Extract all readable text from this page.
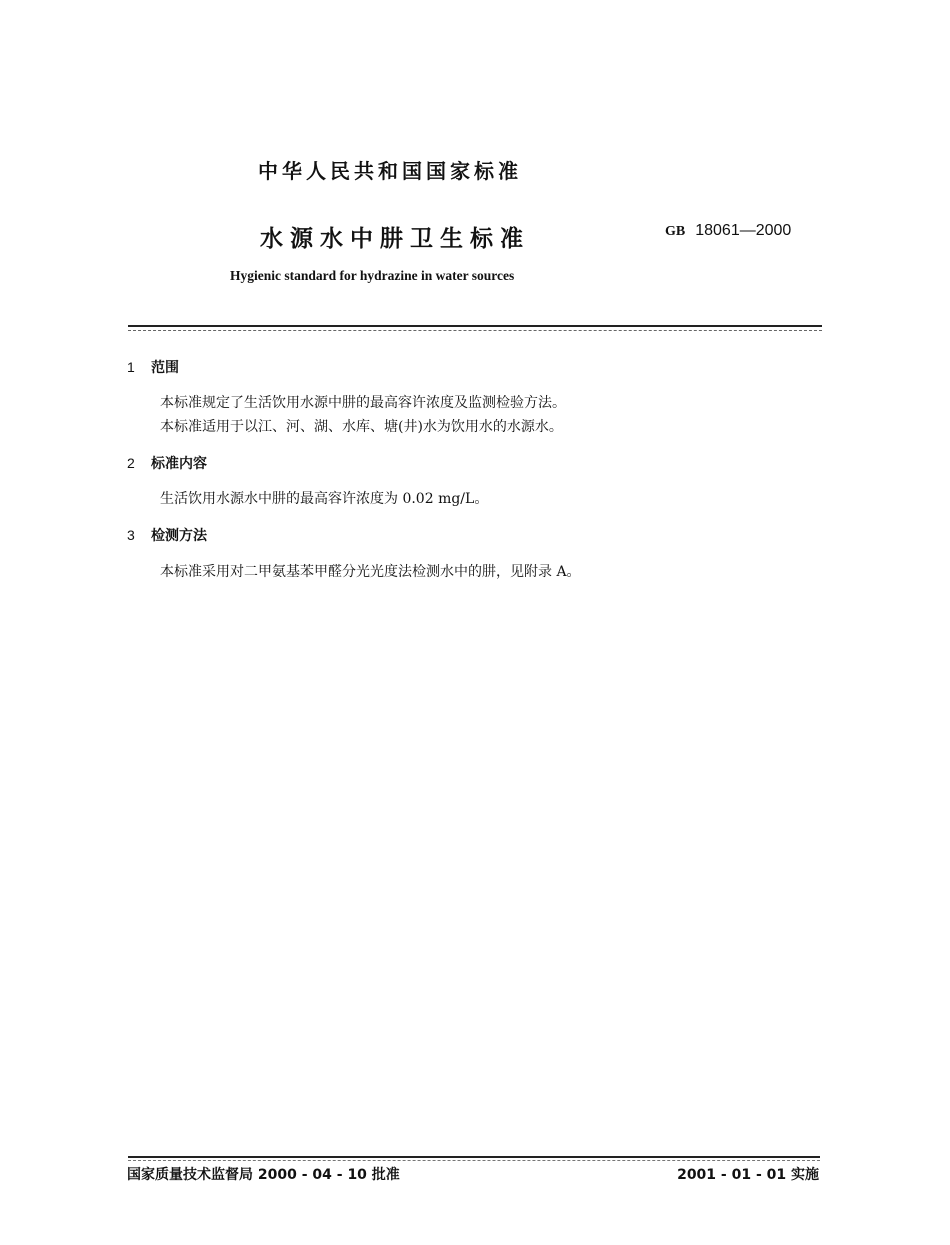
中华人民共和国国家标准

水源水中肼卫生标准	GB 18061—2000

Hygienic standard for hydrazine in water sources

1 范围

本标准规定了生活饮用水源中肼的最高容许浓度及监测检验方法。

本标准适用于以江、河、湖、水库、塘(井)水为饮用水的水源水。

2 标准内容

生活饮用水源水中肼的最高容许浓度为 0.02 mg/L。

3 检测方法

本标准采用对二甲氨基苯甲醛分光光度法检测水中的肼，见附录 A。

国家质量技术监督局 2000 - 04 - 10 批准	2001 - 01 - 01 实施
